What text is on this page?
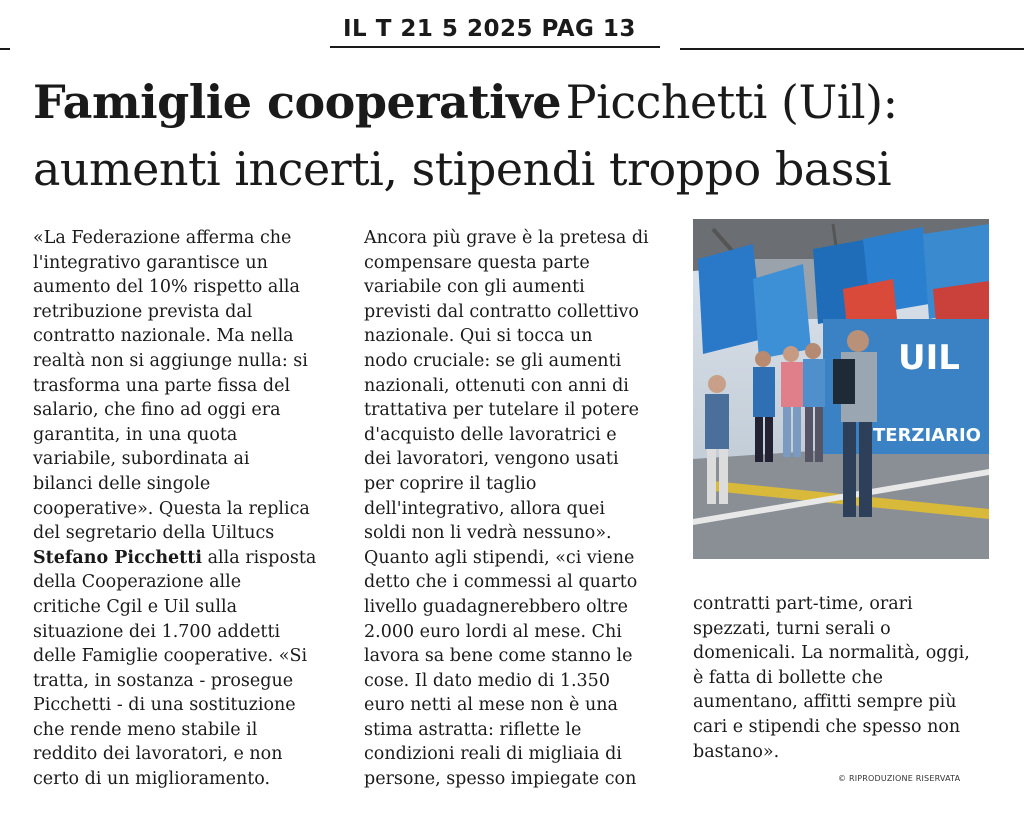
IL T 21 5 2025 PAG 13
Famiglie cooperative Picchetti (Uil):
aumenti incerti, stipendi troppo bassi

«La Federazione afferma che
l'integrativo garantisce un
aumento del 10% rispetto alla
retribuzione prevista dal
contratto nazionale. Ma nella
realtà non si aggiunge nulla: si
trasforma una parte fissa del
salario, che fino ad oggi era
garantita, in una quota
variabile, subordinata ai
bilanci delle singole
cooperative». Questa la replica
del segretario della Uiltucs
Stefano Picchetti alla risposta
della Cooperazione alle
critiche Cgil e Uil sulla
situazione dei 1.700 addetti
delle Famiglie cooperative. «Si
tratta, in sostanza - prosegue
Picchetti - di una sostituzione
che rende meno stabile il
reddito dei lavoratori, e non
certo di un miglioramento.

Ancora più grave è la pretesa di
compensare questa parte
variabile con gli aumenti
previsti dal contratto collettivo
nazionale. Qui si tocca un
nodo cruciale: se gli aumenti
nazionali, ottenuti con anni di
trattativa per tutelare il potere
d'acquisto delle lavoratrici e
dei lavoratori, vengono usati
per coprire il taglio
dell'integrativo, allora quei
soldi non li vedrà nessuno».
Quanto agli stipendi, «ci viene
detto che i commessi al quarto
livello guadagnerebbero oltre
2.000 euro lordi al mese. Chi
lavora sa bene come stanno le
cose. Il dato medio di 1.350
euro netti al mese non è una
stima astratta: riflette le
condizioni reali di migliaia di
persone, spesso impiegate con

UIL
TERZIARIO

contratti part-time, orari
spezzati, turni serali o
domenicali. La normalità, oggi,
è fatta di bollette che
aumentano, affitti sempre più
cari e stipendi che spesso non
bastano».

© RIPRODUZIONE RISERVATA
